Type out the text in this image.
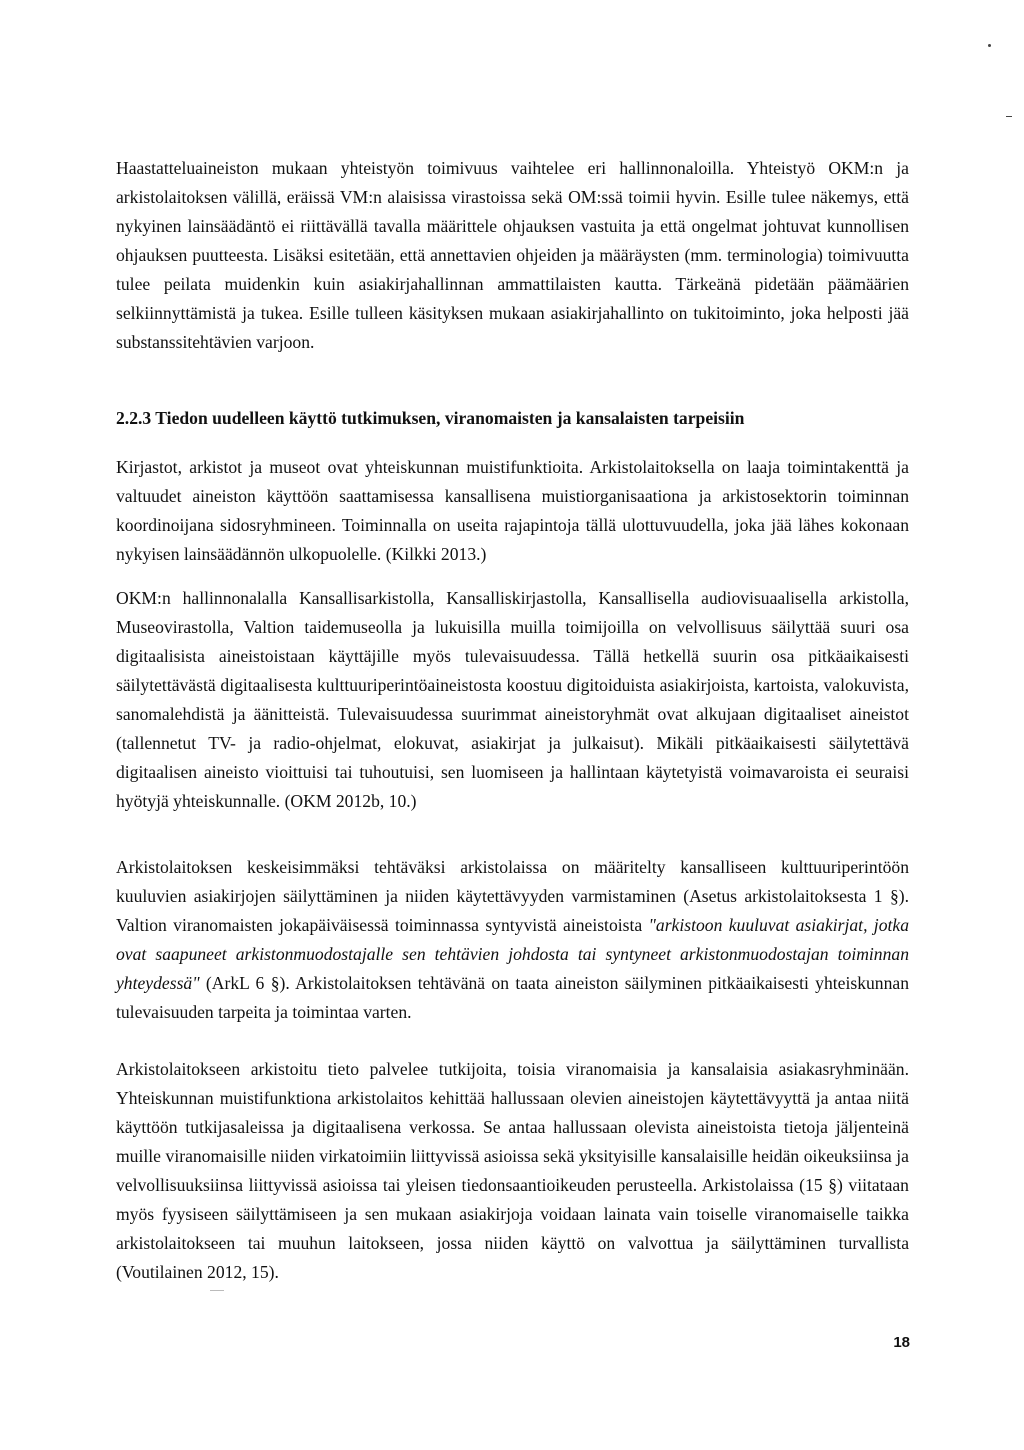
Haastatteluaineiston mukaan yhteistyön toimivuus vaihtelee eri hallinnonaloilla. Yhteistyö OKM:n ja arkistolaitoksen välillä, eräissä VM:n alaisissa virastoissa sekä OM:ssä toimii hyvin. Esille tulee näkemys, että nykyinen lainsäädäntö ei riittävällä tavalla määrittele ohjauksen vastuita ja että ongelmat johtuvat kunnollisen ohjauksen puutteesta. Lisäksi esitetään, että annettavien ohjeiden ja määräysten (mm. terminologia) toimivuutta tulee peilata muidenkin kuin asiakirjahallinnan ammattilaisten kautta. Tärkeänä pidetään päämäärien selkiinnyttämistä ja tukea. Esille tulleen käsityksen mukaan asiakirjahallinto on tukitoiminto, joka helposti jää substanssitehtävien varjoon.

2.2.3 Tiedon uudelleen käyttö tutkimuksen, viranomaisten ja kansalaisten tarpeisiin

Kirjastot, arkistot ja museot ovat yhteiskunnan muistifunktioita. Arkistolaitoksella on laaja toimintakenttä ja valtuudet aineiston käyttöön saattamisessa kansallisena muistiorganisaationa ja arkistosektorin toiminnan koordinoijana sidosryhmineen. Toiminnalla on useita rajapintoja tällä ulottuvuudella, joka jää lähes kokonaan nykyisen lainsäädännön ulkopuolelle. (Kilkki 2013.)

OKM:n hallinnonalalla Kansallisarkistolla, Kansalliskirjastolla, Kansallisella audiovisuaalisella arkistolla, Museovirastolla, Valtion taidemuseolla ja lukuisilla muilla toimijoilla on velvollisuus säilyttää suuri osa digitaalisista aineistoistaan käyttäjille myös tulevaisuudessa. Tällä hetkellä suurin osa pitkäaikaisesti säilytettävästä digitaalisesta kulttuuriperintöaineistosta koostuu digitoiduista asiakirjoista, kartoista, valokuvista, sanomalehdistä ja äänitteistä. Tulevaisuudessa suurimmat aineistoryhmät ovat alkujaan digitaaliset aineistot (tallennetut TV- ja radio-ohjelmat, elokuvat, asiakirjat ja julkaisut). Mikäli pitkäaikaisesti säilytettävä digitaalisen aineisto vioittuisi tai tuhoutuisi, sen luomiseen ja hallintaan käytetyistä voimavaroista ei seuraisi hyötyjä yhteiskunnalle. (OKM 2012b, 10.)

Arkistolaitoksen keskeisimmäksi tehtäväksi arkistolaissa on määritelty kansalliseen kulttuuriperintöön kuuluvien asiakirjojen säilyttäminen ja niiden käytettävyyden varmistaminen (Asetus arkistolaitoksesta 1 §). Valtion viranomaisten jokapäiväisessä toiminnassa syntyvistä aineistoista "arkistoon kuuluvat asiakirjat, jotka ovat saapuneet arkistonmuodostajalle sen tehtävien johdosta tai syntyneet arkistonmuodostajan toiminnan yhteydessä" (ArkL 6 §). Arkistolaitoksen tehtävänä on taata aineiston säilyminen pitkäaikaisesti yhteiskunnan tulevaisuuden tarpeita ja toimintaa varten.

Arkistolaitokseen arkistoitu tieto palvelee tutkijoita, toisia viranomaisia ja kansalaisia asiakasryhminään. Yhteiskunnan muistifunktiona arkistolaitos kehittää hallussaan olevien aineistojen käytettävyyttä ja antaa niitä käyttöön tutkijasaleissa ja digitaalisena verkossa. Se antaa hallussaan olevista aineistoista tietoja jäljenteinä muille viranomaisille niiden virkatoimiin liittyvissä asioissa sekä yksityisille kansalaisille heidän oikeuksiinsa ja velvollisuuksiinsa liittyvissä asioissa tai yleisen tiedonsaantioikeuden perusteella. Arkistolaissa (15 §) viitataan myös fyysiseen säilyttämiseen ja sen mukaan asiakirjoja voidaan lainata vain toiselle viranomaiselle taikka arkistolaitokseen tai muuhun laitokseen, jossa niiden käyttö on valvottua ja säilyttäminen turvallista (Voutilainen 2012, 15).

18
